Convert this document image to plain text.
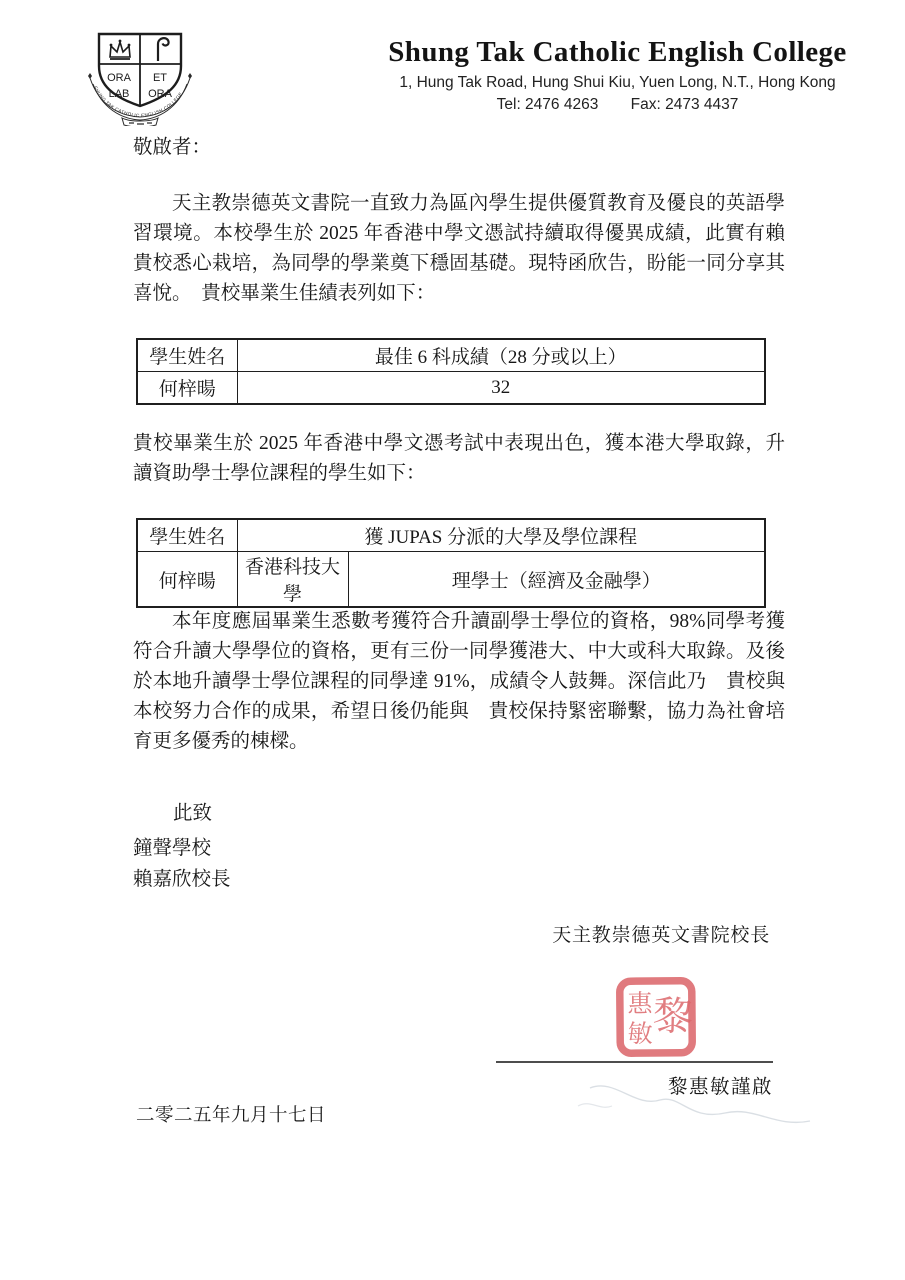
ORA ET
LAB ORA
SHUNG TAK CATHOLIC ENGLISH COLLEGE
Shung Tak Catholic English College
1, Hung Tak Road, Hung Shui Kiu, Yuen Long, N.T., Hong Kong
Tel: 2476 4263 Fax: 2473 4437
敬啟者：
天主教崇德英文書院一直致力為區內學生提供優質教育及優良的英語學習環境。本校學生於 2025 年香港中學文憑試持續取得優異成績，此實有賴　貴校悉心栽培，為同學的學業奠下穩固基礎。現特函欣告，盼能一同分享其喜悅。　貴校畢業生佳績表列如下：
學生姓名	最佳 6 科成績（28 分或以上）
何梓暘	32
貴校畢業生於 2025 年香港中學文憑考試中表現出色，獲本港大學取錄，升讀資助學士學位課程的學生如下：
學生姓名	獲 JUPAS 分派的大學及學位課程	
何梓暘	香港科技大學	理學士（經濟及金融學）
本年度應屆畢業生悉數考獲符合升讀副學士學位的資格，98%同學考獲符合升讀大學學位的資格，更有三份一同學獲港大、中大或科大取錄。及後於本地升讀學士學位課程的同學達 91%，成績令人鼓舞。深信此乃　貴校與本校努力合作的成果，希望日後仍能與　貴校保持緊密聯繫，協力為社會培育更多優秀的棟樑。
此致
鐘聲學校
賴嘉欣校長
天主教崇德英文書院校長
黎
惠
敏
黎惠敏謹啟
二零二五年九月十七日
